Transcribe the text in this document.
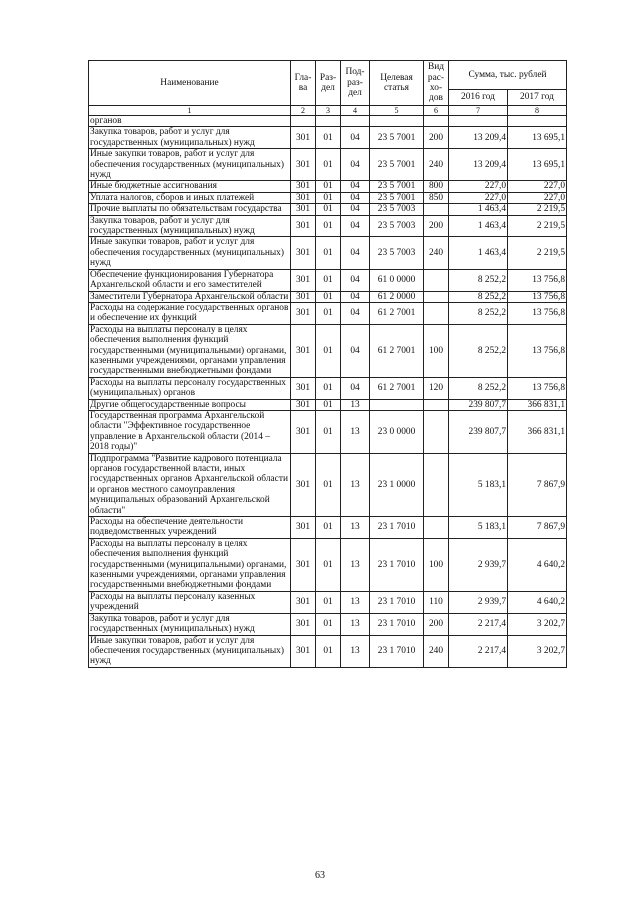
Наименование	Гла-ва	Раз-дел	Под-раз-дел	Целевая статья	Вид рас-хо-дов	Сумма, тыс. рублей	
						2016 год	2017 год
1	2	3	4	5	6	7	8
органов							
Закупка товаров, работ и услуг для государственных (муниципальных) нужд	301	01	04	23 5 7001	200	13 209,4	13 695,1
Иные закупки товаров, работ и услуг для обеспечения государственных (муниципальных) нужд	301	01	04	23 5 7001	240	13 209,4	13 695,1
Иные бюджетные ассигнования	301	01	04	23 5 7001	800	227,0	227,0
Уплата налогов, сборов и иных платежей	301	01	04	23 5 7001	850	227,0	227,0
Прочие выплаты по обязательствам государства	301	01	04	23 5 7003		1 463,4	2 219,5
Закупка товаров, работ и услуг для государственных (муниципальных) нужд	301	01	04	23 5 7003	200	1 463,4	2 219,5
Иные закупки товаров, работ и услуг для обеспечения государственных (муниципальных) нужд	301	01	04	23 5 7003	240	1 463,4	2 219,5
Обеспечение функционирования Губернатора Архангельской области и его заместителей	301	01	04	61 0 0000		8 252,2	13 756,8
Заместители Губернатора Архангельской области	301	01	04	61 2 0000		8 252,2	13 756,8
Расходы на содержание государственных органов и обеспечение их функций	301	01	04	61 2 7001		8 252,2	13 756,8
Расходы на выплаты персоналу в целях обеспечения выполнения функций государственными (муниципальными) органами, казенными учреждениями, органами управления государственными внебюджетными фондами	301	01	04	61 2 7001	100	8 252,2	13 756,8
Расходы на выплаты персоналу государственных (муниципальных) органов	301	01	04	61 2 7001	120	8 252,2	13 756,8
Другие общегосударственные вопросы	301	01	13			239 807,7	366 831,1
Государственная программа Архангельской области "Эффективное государственное управление в Архангельской области (2014 – 2018 годы)"	301	01	13	23 0 0000		239 807,7	366 831,1
Подпрограмма "Развитие кадрового потенциала органов государственной власти, иных государственных органов Архангельской области и органов местного самоуправления муниципальных образований Архангельской области"	301	01	13	23 1 0000		5 183,1	7 867,9
Расходы на обеспечение деятельности подведомственных учреждений	301	01	13	23 1 7010		5 183,1	7 867,9
Расходы на выплаты персоналу в целях обеспечения выполнения функций государственными (муниципальными) органами, казенными учреждениями, органами управления государственными внебюджетными фондами	301	01	13	23 1 7010	100	2 939,7	4 640,2
Расходы на выплаты персоналу казенных учреждений	301	01	13	23 1 7010	110	2 939,7	4 640,2
Закупка товаров, работ и услуг для государственных (муниципальных) нужд	301	01	13	23 1 7010	200	2 217,4	3 202,7
Иные закупки товаров, работ и услуг для обеспечения государственных (муниципальных) нужд	301	01	13	23 1 7010	240	2 217,4	3 202,7
63
